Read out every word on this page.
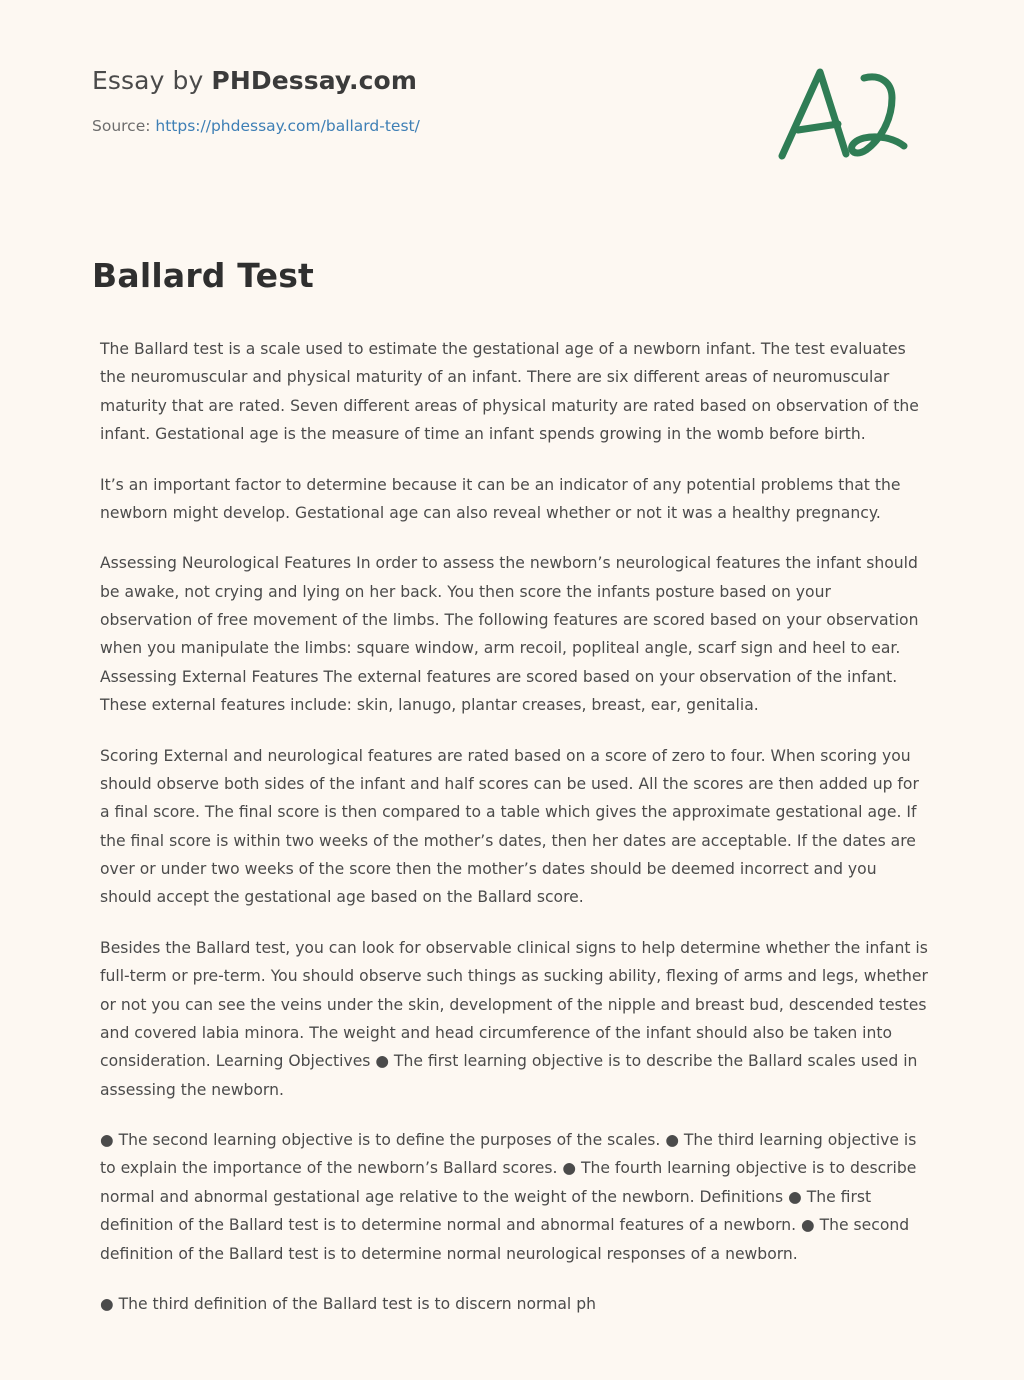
Essay by PHDessay.com
Source: https://phdessay.com/ballard-test/
Ballard Test

The Ballard test is a scale used to estimate the gestational age of a newborn infant. The test evaluates the neuromuscular and physical maturity of an infant. There are six different areas of neuromuscular maturity that are rated. Seven different areas of physical maturity are rated based on observation of the infant. Gestational age is the measure of time an infant spends growing in the womb before birth.

It’s an important factor to determine because it can be an indicator of any potential problems that the newborn might develop. Gestational age can also reveal whether or not it was a healthy pregnancy.

Assessing Neurological Features In order to assess the newborn’s neurological features the infant should be awake, not crying and lying on her back. You then score the infants posture based on your observation of free movement of the limbs. The following features are scored based on your observation when you manipulate the limbs: square window, arm recoil, popliteal angle, scarf sign and heel to ear. Assessing External Features The external features are scored based on your observation of the infant. These external features include: skin, lanugo, plantar creases, breast, ear, genitalia.

Scoring External and neurological features are rated based on a score of zero to four. When scoring you should observe both sides of the infant and half scores can be used. All the scores are then added up for a final score. The final score is then compared to a table which gives the approximate gestational age. If the final score is within two weeks of the mother’s dates, then her dates are acceptable. If the dates are over or under two weeks of the score then the mother’s dates should be deemed incorrect and you should accept the gestational age based on the Ballard score.

Besides the Ballard test, you can look for observable clinical signs to help determine whether the infant is full-term or pre-term. You should observe such things as sucking ability, flexing of arms and legs, whether or not you can see the veins under the skin, development of the nipple and breast bud, descended testes and covered labia minora. The weight and head circumference of the infant should also be taken into consideration. Learning Objectives ● The first learning objective is to describe the Ballard scales used in assessing the newborn.

● The second learning objective is to define the purposes of the scales. ● The third learning objective is to explain the importance of the newborn’s Ballard scores. ● The fourth learning objective is to describe normal and abnormal gestational age relative to the weight of the newborn. Definitions ● The first definition of the Ballard test is to determine normal and abnormal features of a newborn. ● The second definition of the Ballard test is to determine normal neurological responses of a newborn.

● The third definition of the Ballard test is to discern normal ph
